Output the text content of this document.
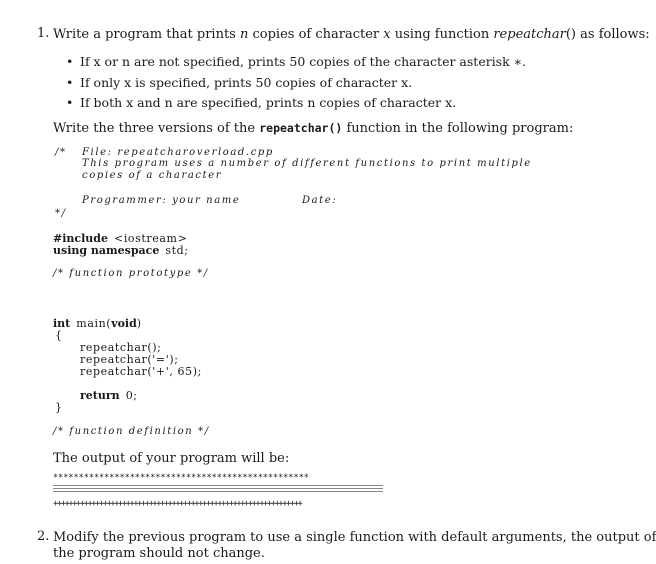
1. Write a program that prints n copies of character x using function repeatchar() as follows:
• If x or n are not specified, prints 50 copies of the character asterisk ∗.
• If only x is specified, prints 50 copies of character x.
• If both x and n are specified, prints n copies of character x.
Write the three versions of the repeatchar() function in the following program:
/* File: repeatcharoverload.cpp
This program uses a number of different functions to print multiple
copies of a character
Programmer: your name	Date:
*/
#include <iostream>
using namespace std;
/* function prototype */
int main(void)
{
repeatchar();
repeatchar('=');
repeatchar('+', 65);
return 0;
}
/* function definition */
The output of your program will be:
**************************************************
+++++++++++++++++++++++++++++++++++++++++++++++++++++++++++++++++
2. Modify the previous program to use a single function with default arguments, the output of
the program should not change.
